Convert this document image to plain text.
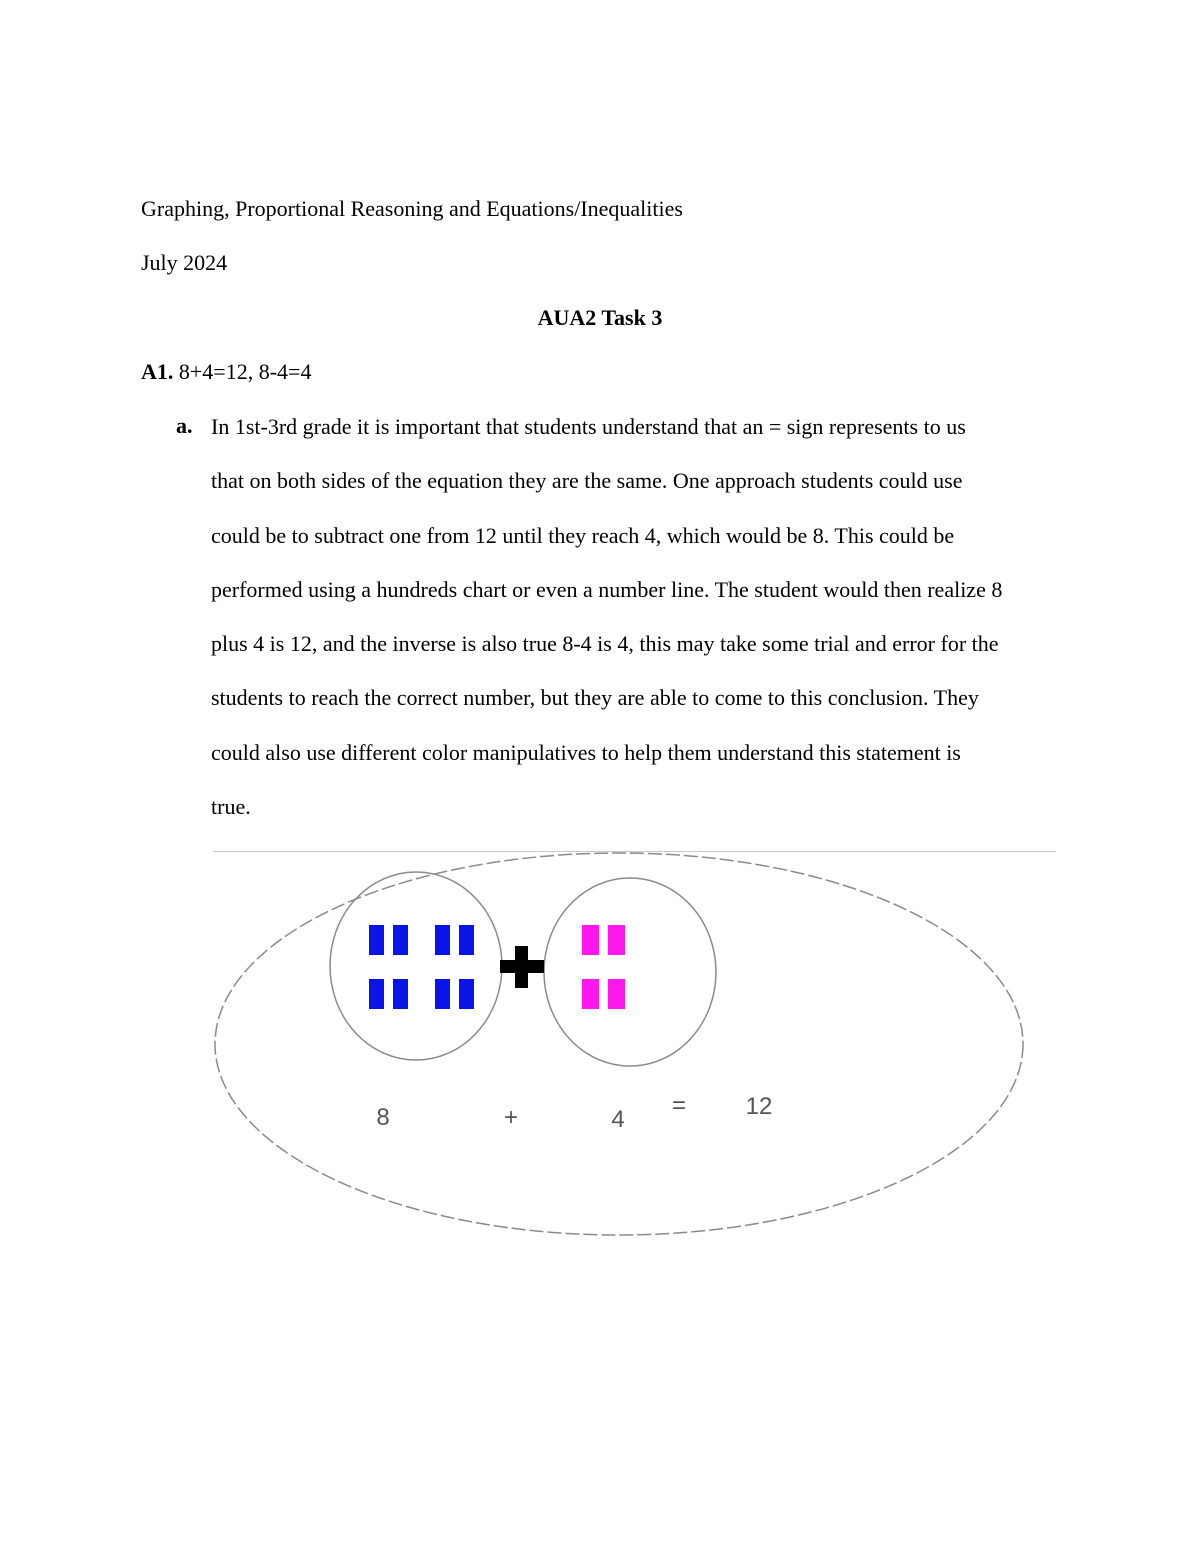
Graphing, Proportional Reasoning and Equations/Inequalities
July 2024
AUA2 Task 3
A1. 8+4=12, 8-4=4
a. In 1st-3rd grade it is important that students understand that an = sign represents to us
that on both sides of the equation they are the same. One approach students could use
could be to subtract one from 12 until they reach 4, which would be 8. This could be
performed using a hundreds chart or even a number line. The student would then realize 8
plus 4 is 12, and the inverse is also true 8-4 is 4, this may take some trial and error for the
students to reach the correct number, but they are able to come to this conclusion. They
could also use different color manipulatives to help them understand this statement is
true.
8	+	4
= 12
